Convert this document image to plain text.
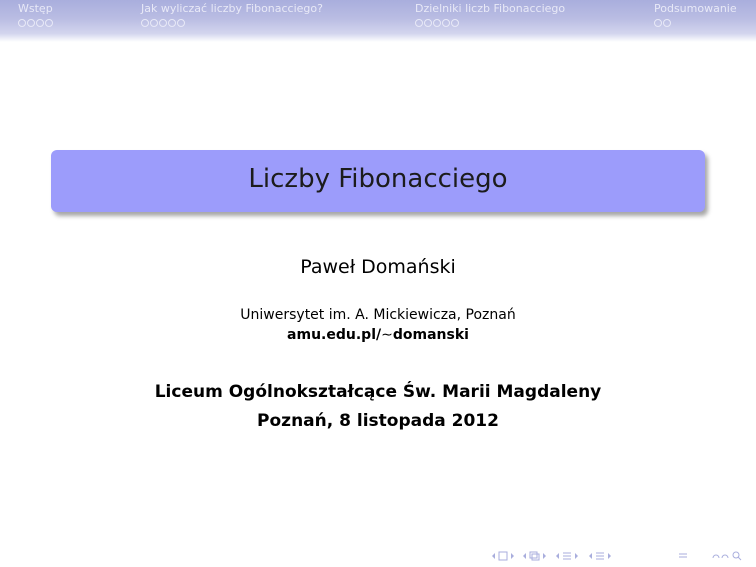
Wstęp	Jak wyliczać liczby Fibonacciego?	Dzielniki liczb Fibonacciego	Podsumowanie
Liczby Fibonacciego
Paweł Domański
Uniwersytet im. A. Mickiewicza, Poznań
amu.edu.pl/∼domanski
Liceum Ogólnokształcące Św. Marii Magdaleny
Poznań, 8 listopada 2012
